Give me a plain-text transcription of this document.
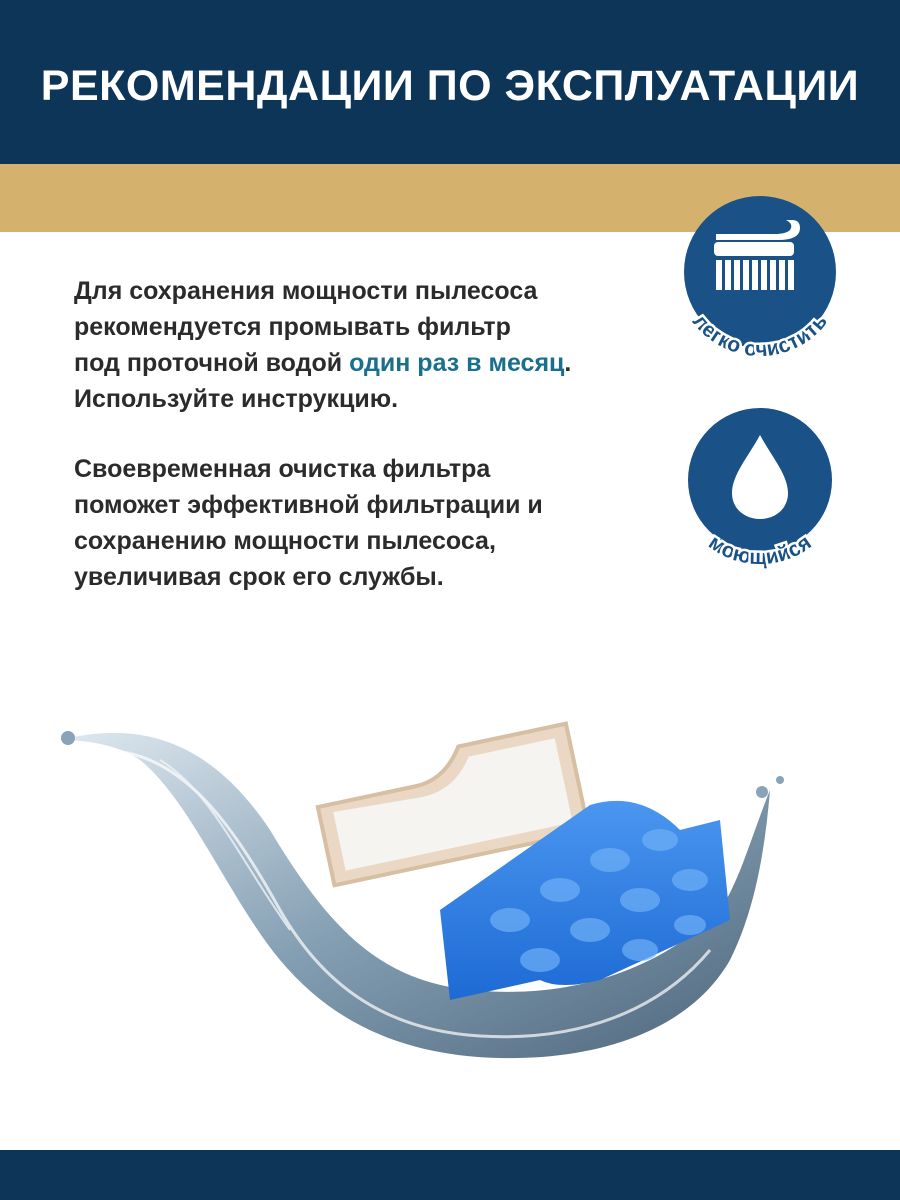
РЕКОМЕНДАЦИИ ПО ЭКСПЛУАТАЦИИ
Для сохранения мощности пылесоса
рекомендуется промывать фильтр
под проточной водой один раз в месяц.
Используйте инструкцию.
Своевременная очистка фильтра
поможет эффективной фильтрации и
сохранению мощности пылесоса,
увеличивая срок его службы.
легко очистить
моющийся
